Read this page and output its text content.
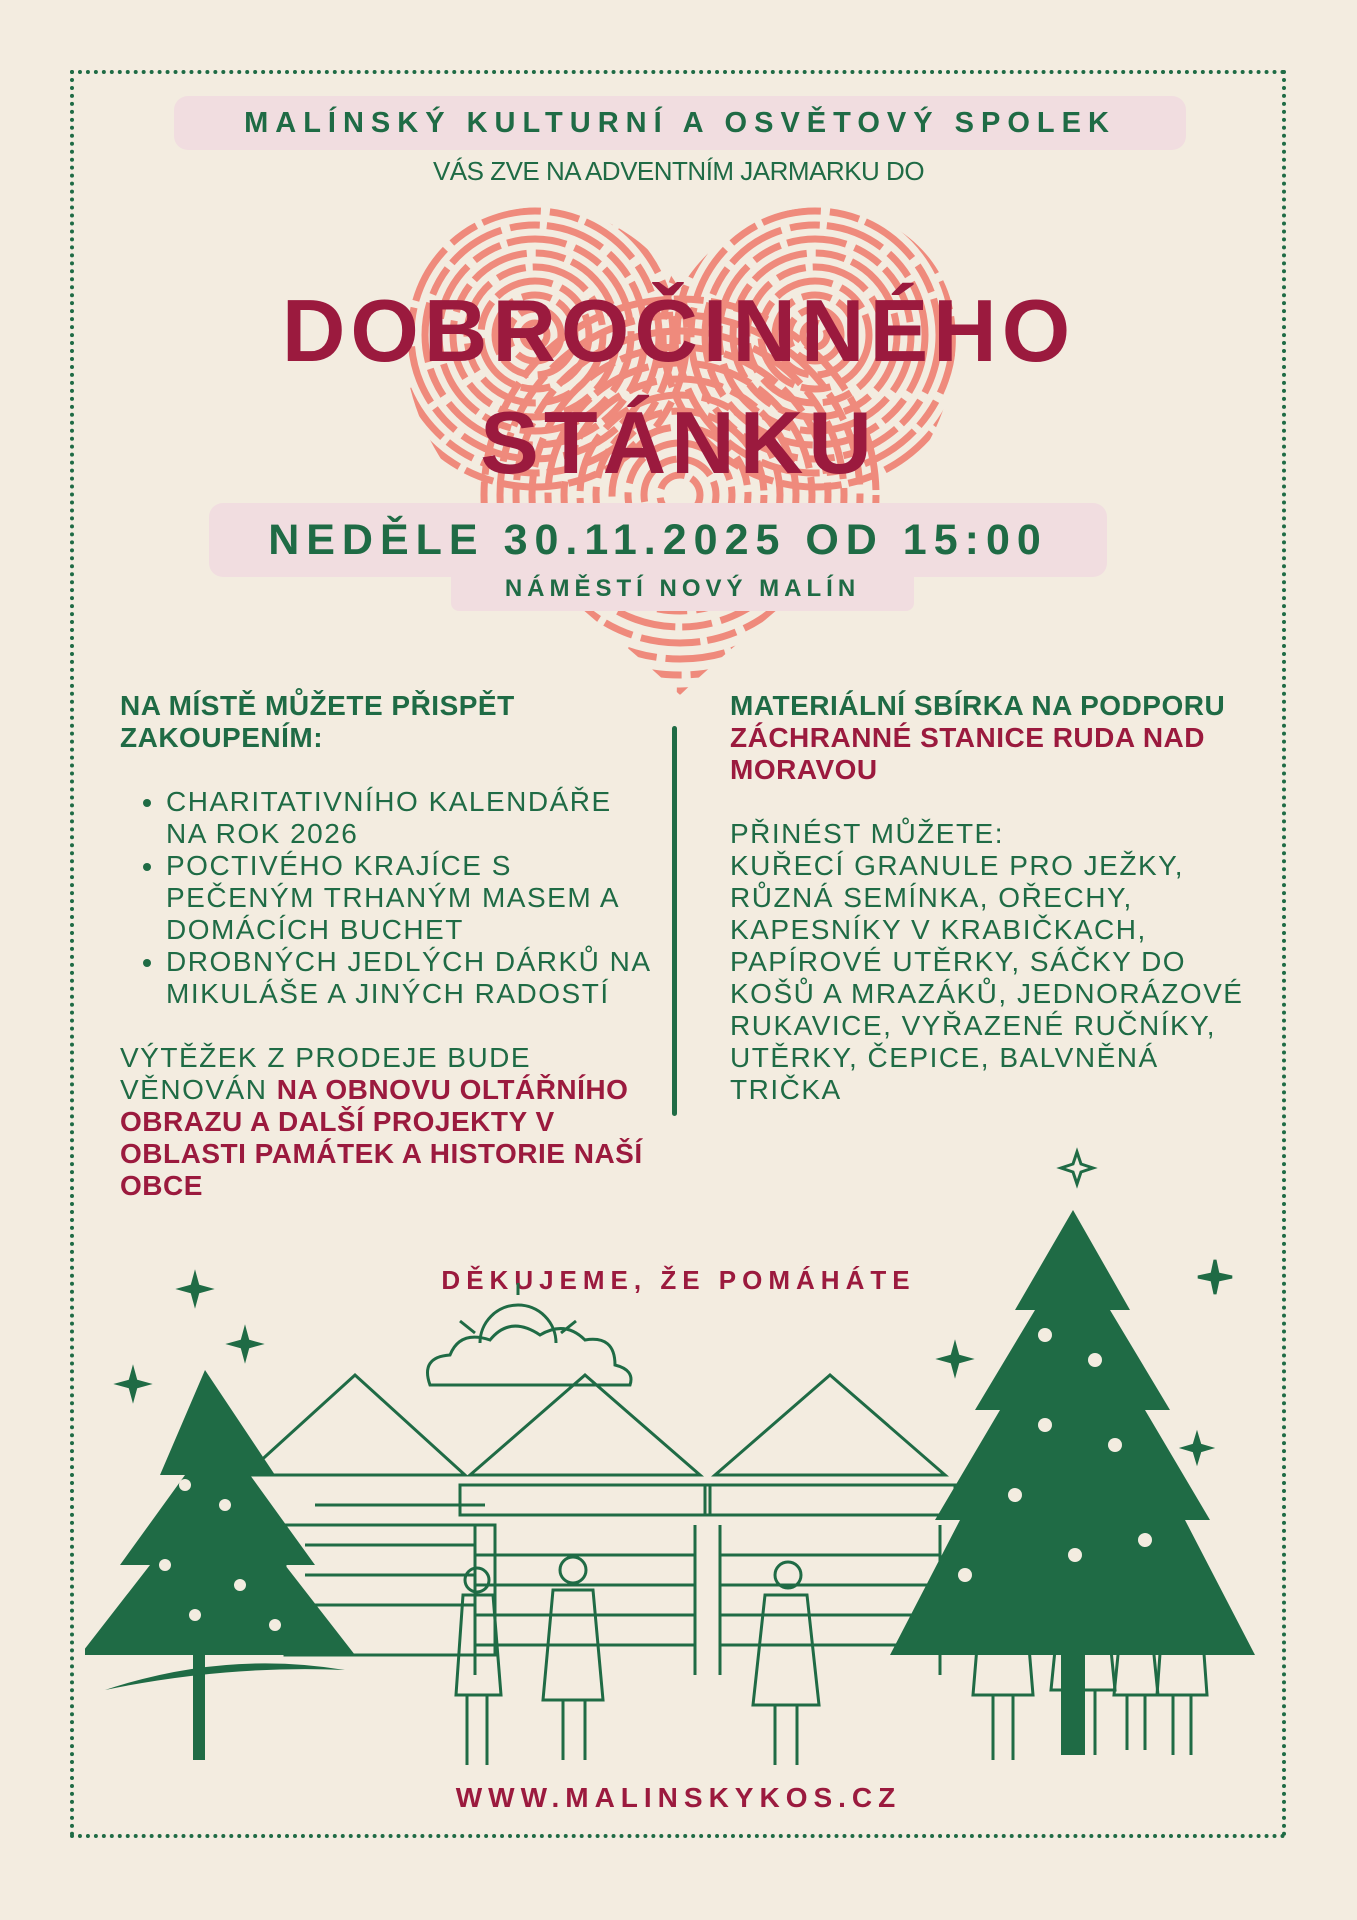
MALÍNSKÝ KULTURNÍ A OSVĚTOVÝ SPOLEK
VÁS ZVE NA ADVENTNÍM JARMARKU DO
DOBROČINNÉHO
STÁNKU
NEDĚLE 30.11.2025 OD 15:00
NÁMĚSTÍ NOVÝ MALÍN
NA MÍSTĚ MŮŽETE PŘISPĚT ZAKOUPENÍM:
• CHARITATIVNÍHO KALENDÁŘE NA ROK 2026
• POCTIVÉHO KRAJÍCE S PEČENÝM TRHANÝM MASEM A DOMÁCÍCH BUCHET
• DROBNÝCH JEDLÝCH DÁRKŮ NA MIKULÁŠE A JINÝCH RADOSTÍ
VÝTĚŽEK Z PRODEJE BUDE VĚNOVÁN NA OBNOVU OLTÁŘNÍHO OBRAZU A DALŠÍ PROJEKTY V OBLASTI PAMÁTEK A HISTORIE NAŠÍ OBCE
MATERIÁLNÍ SBÍRKA NA PODPORU ZÁCHRANNÉ STANICE RUDA NAD MORAVOU
PŘINÉST MŮŽETE:
KUŘECÍ GRANULE PRO JEŽKY, RŮZNÁ SEMÍNKA, OŘECHY, KAPESNÍKY V KRABIČKACH, PAPÍROVÉ UTĚRKY, SÁČKY DO KOŠŮ A MRAZÁKŮ, JEDNORÁZOVÉ RUKAVICE, VYŘAZENÉ RUČNÍKY, UTĚRKY, ČEPICE, BALVNĚNÁ TRIČKA
DĚKUJEME, ŽE POMÁHÁTE
WWW.MALINSKYKOS.CZ
